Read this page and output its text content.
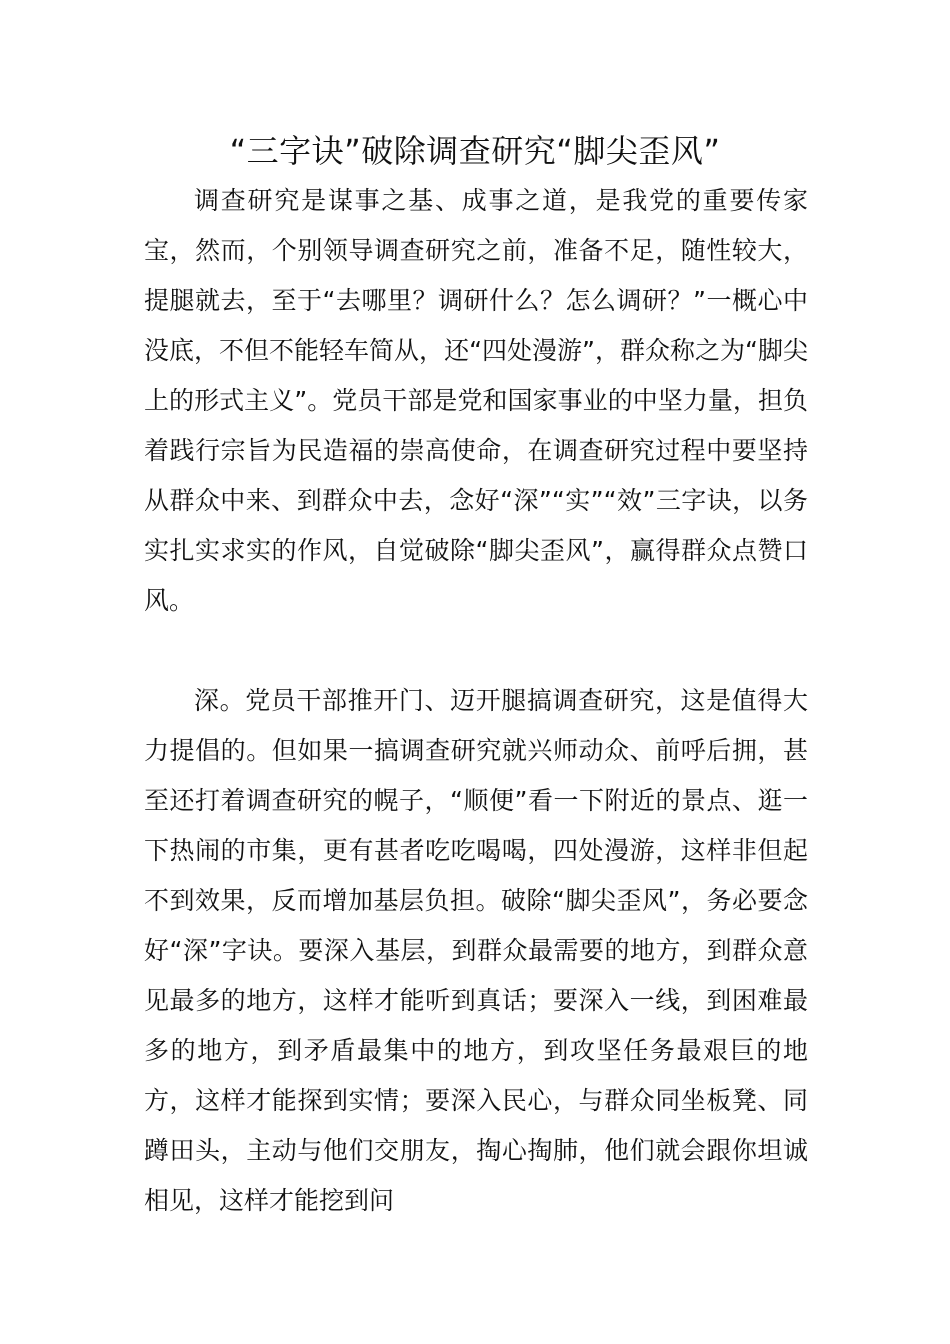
“三字诀”破除调查研究“脚尖歪风”

调查研究是谋事之基、成事之道，是我党的重要传家宝，然而，个别领导调查研究之前，准备不足，随性较大，提腿就去，至于“去哪里？调研什么？怎么调研？”一概心中没底，不但不能轻车简从，还“四处漫游”，群众称之为“脚尖上的形式主义”。党员干部是党和国家事业的中坚力量，担负着践行宗旨为民造福的崇高使命，在调查研究过程中要坚持从群众中来、到群众中去，念好“深”“实”“效”三字诀，以务实扎实求实的作风，自觉破除“脚尖歪风”，赢得群众点赞口风。

深。党员干部推开门、迈开腿搞调查研究，这是值得大力提倡的。但如果一搞调查研究就兴师动众、前呼后拥，甚至还打着调查研究的幌子，“顺便”看一下附近的景点、逛一下热闹的市集，更有甚者吃吃喝喝，四处漫游，这样非但起不到效果，反而增加基层负担。破除“脚尖歪风”，务必要念好“深”字诀。要深入基层，到群众最需要的地方，到群众意见最多的地方，这样才能听到真话；要深入一线，到困难最多的地方，到矛盾最集中的地方，到攻坚任务最艰巨的地方，这样才能探到实情；要深入民心，与群众同坐板凳、同蹲田头，主动与他们交朋友，掏心掏肺，他们就会跟你坦诚相见，这样才能挖到问
